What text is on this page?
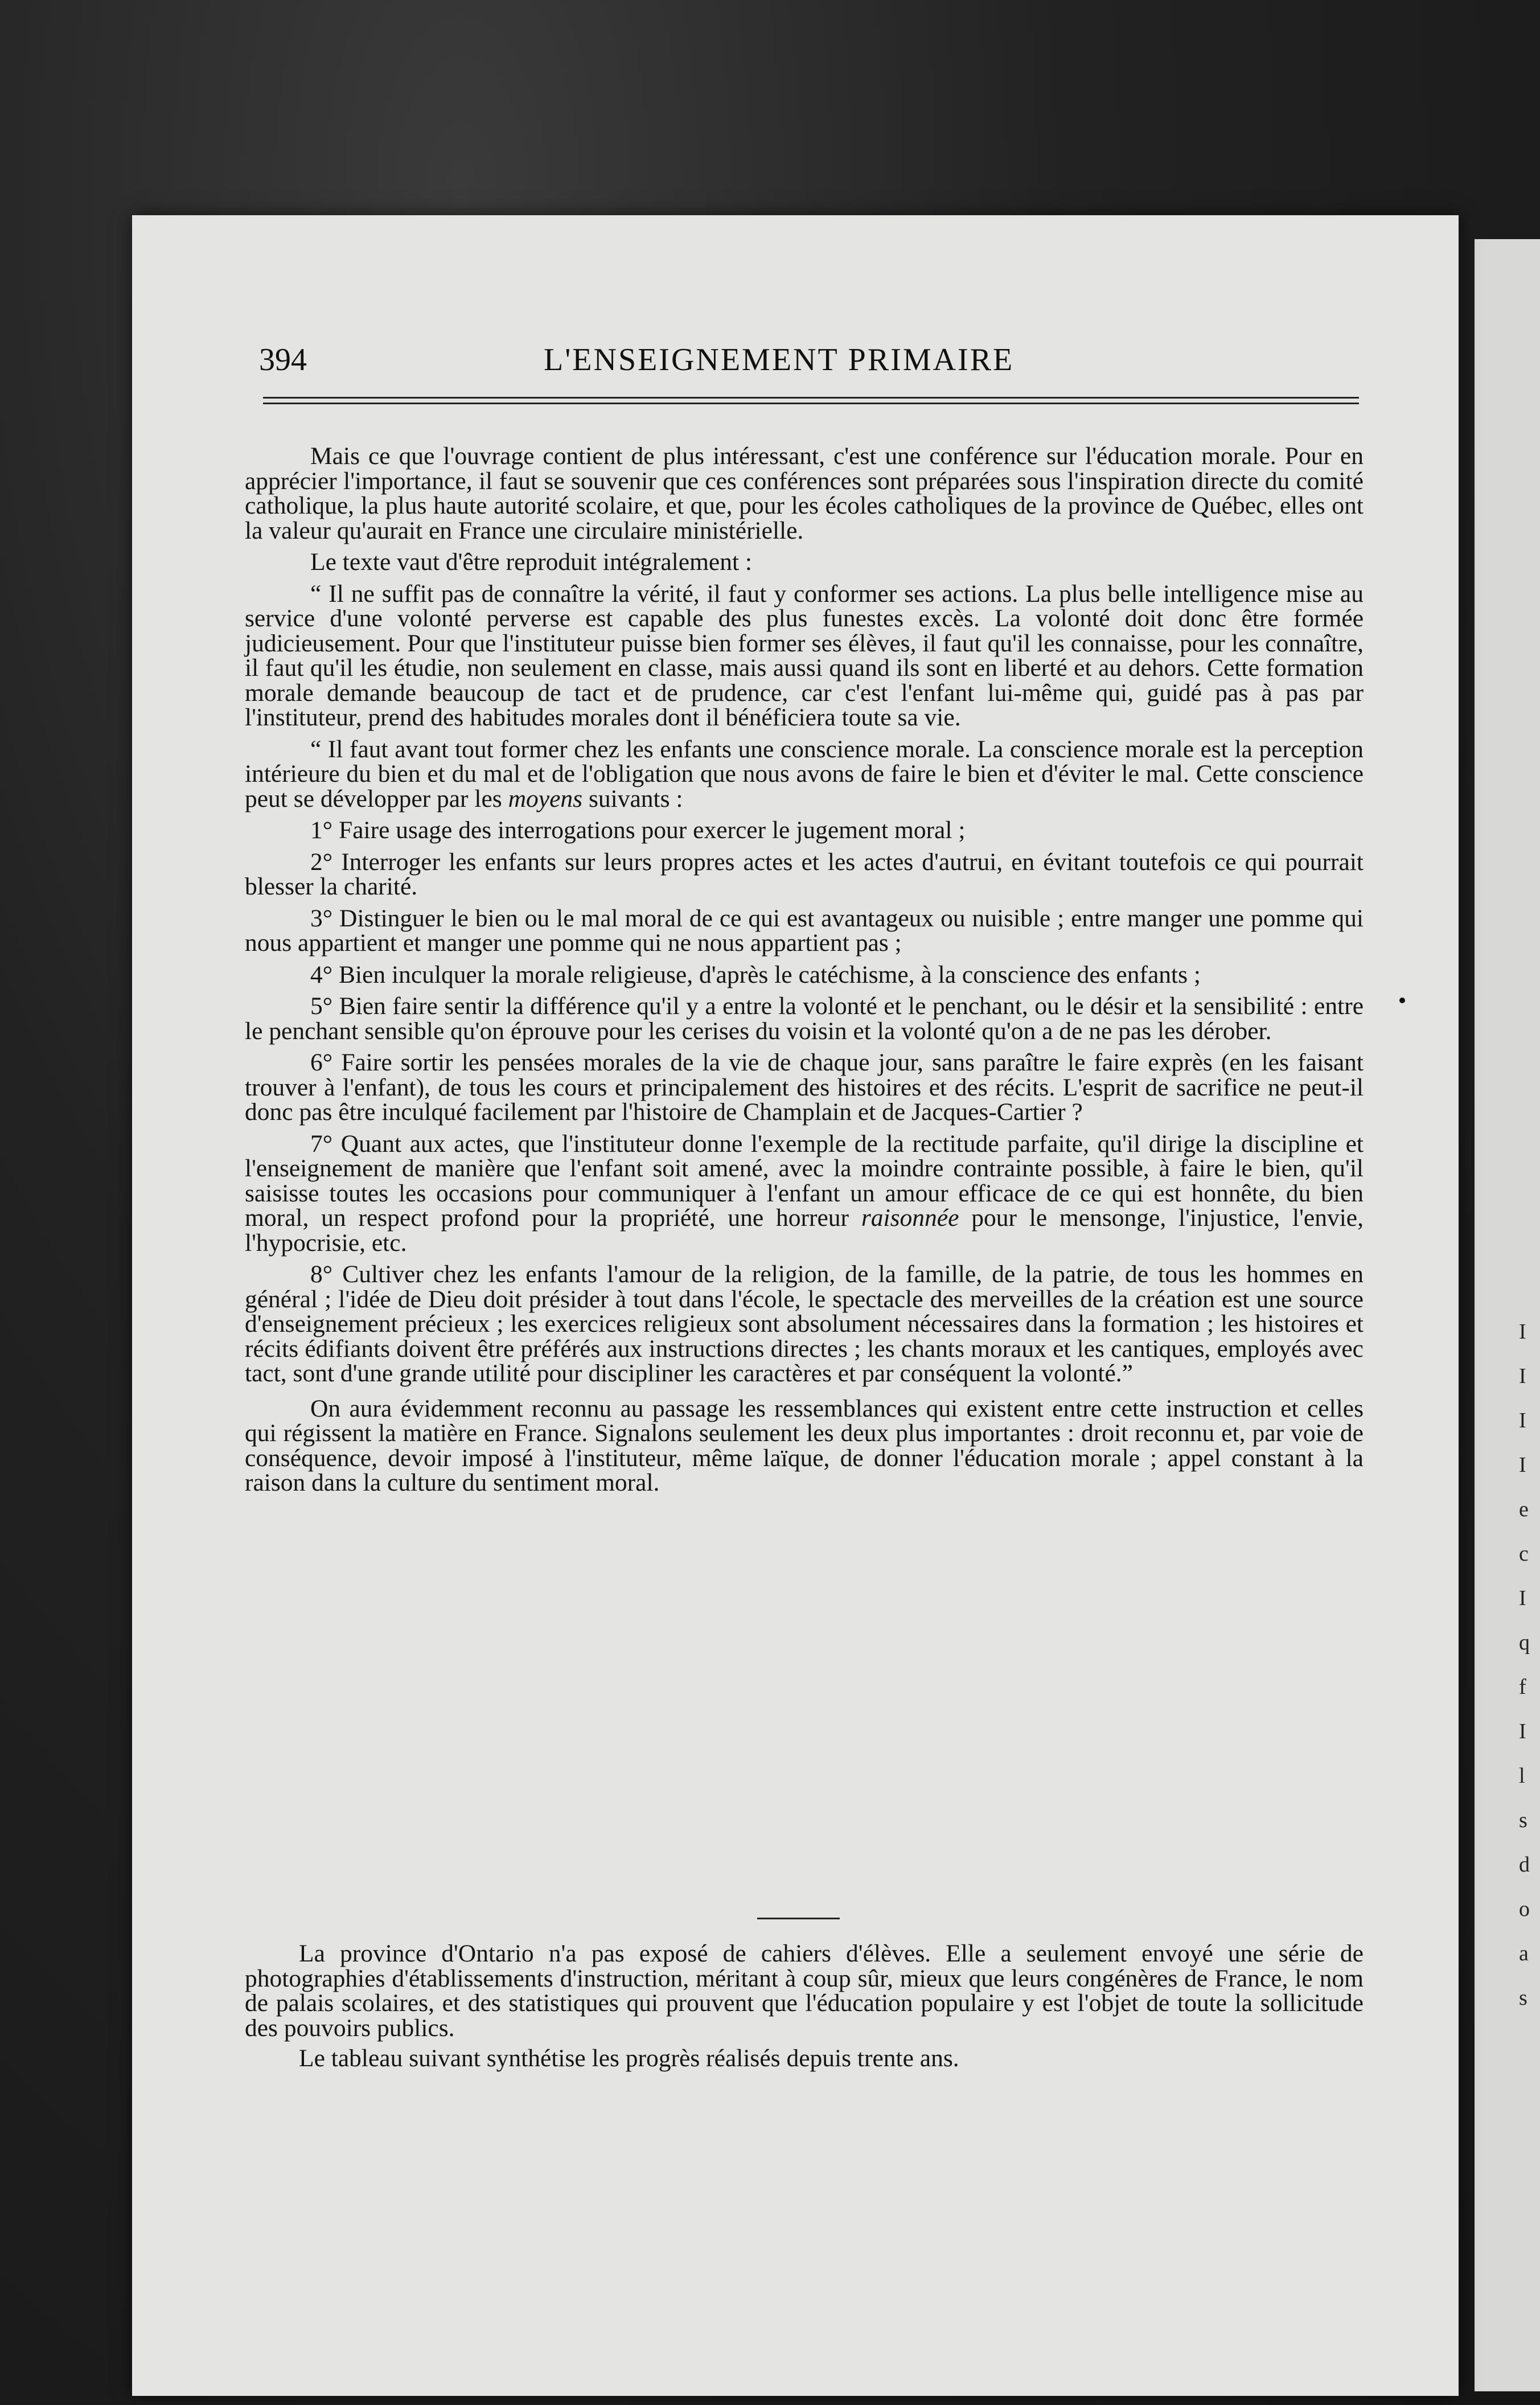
I
I
I
I
e
c
I
q
f
I
l
s
d
o
a
s
394	L'ENSEIGNEMENT PRIMAIRE

Mais ce que l'ouvrage contient de plus intéressant, c'est une conférence sur l'éducation morale. Pour en apprécier l'importance, il faut se souvenir que ces conférences sont préparées sous l'inspiration directe du comité catholique, la plus haute autorité scolaire, et que, pour les écoles catholiques de la province de Québec, elles ont la valeur qu'aurait en France une circulaire ministérielle.

Le texte vaut d'être reproduit intégralement :

“ Il ne suffit pas de connaître la vérité, il faut y conformer ses actions. La plus belle intelligence mise au service d'une volonté perverse est capable des plus funestes excès. La volonté doit donc être formée judicieusement. Pour que l'instituteur puisse bien former ses élèves, il faut qu'il les connaisse, pour les connaître, il faut qu'il les étudie, non seulement en classe, mais aussi quand ils sont en liberté et au dehors. Cette formation morale demande beaucoup de tact et de prudence, car c'est l'enfant lui-même qui, guidé pas à pas par l'instituteur, prend des habitudes morales dont il bénéficiera toute sa vie.

“ Il faut avant tout former chez les enfants une conscience morale. La conscience morale est la perception intérieure du bien et du mal et de l'obligation que nous avons de faire le bien et d'éviter le mal. Cette conscience peut se développer par les moyens suivants :

1° Faire usage des interrogations pour exercer le jugement moral ;

2° Interroger les enfants sur leurs propres actes et les actes d'autrui, en évitant toutefois ce qui pourrait blesser la charité.

3° Distinguer le bien ou le mal moral de ce qui est avantageux ou nuisible ; entre manger une pomme qui nous appartient et manger une pomme qui ne nous appartient pas ;

4° Bien inculquer la morale religieuse, d'après le catéchisme, à la conscience des enfants ;

5° Bien faire sentir la différence qu'il y a entre la volonté et le penchant, ou le désir et la sensibilité : entre le penchant sensible qu'on éprouve pour les cerises du voisin et la volonté qu'on a de ne pas les dérober.

6° Faire sortir les pensées morales de la vie de chaque jour, sans paraître le faire exprès (en les faisant trouver à l'enfant), de tous les cours et principalement des histoires et des récits. L'esprit de sacrifice ne peut-il donc pas être inculqué facilement par l'histoire de Champlain et de Jacques-Cartier ?

7° Quant aux actes, que l'instituteur donne l'exemple de la rectitude parfaite, qu'il dirige la discipline et l'enseignement de manière que l'enfant soit amené, avec la moindre contrainte possible, à faire le bien, qu'il saisisse toutes les occasions pour communiquer à l'enfant un amour efficace de ce qui est honnête, du bien moral, un respect profond pour la propriété, une horreur raisonnée pour le mensonge, l'injustice, l'envie, l'hypocrisie, etc.

8° Cultiver chez les enfants l'amour de la religion, de la famille, de la patrie, de tous les hommes en général ; l'idée de Dieu doit présider à tout dans l'école, le spectacle des merveilles de la création est une source d'enseignement précieux ; les exercices religieux sont absolument nécessaires dans la formation ; les histoires et récits édifiants doivent être préférés aux instructions directes ; les chants moraux et les cantiques, employés avec tact, sont d'une grande utilité pour discipliner les caractères et par conséquent la volonté.”

On aura évidemment reconnu au passage les ressemblances qui existent entre cette instruction et celles qui régissent la matière en France. Signalons seulement les deux plus importantes : droit reconnu et, par voie de conséquence, devoir imposé à l'instituteur, même laïque, de donner l'éducation morale ; appel constant à la raison dans la culture du sentiment moral.

La province d'Ontario n'a pas exposé de cahiers d'élèves. Elle a seulement envoyé une série de photographies d'établissements d'instruction, méritant à coup sûr, mieux que leurs congénères de France, le nom de palais scolaires, et des statistiques qui prouvent que l'éducation populaire y est l'objet de toute la sollicitude des pouvoirs publics.

Le tableau suivant synthétise les progrès réalisés depuis trente ans.
